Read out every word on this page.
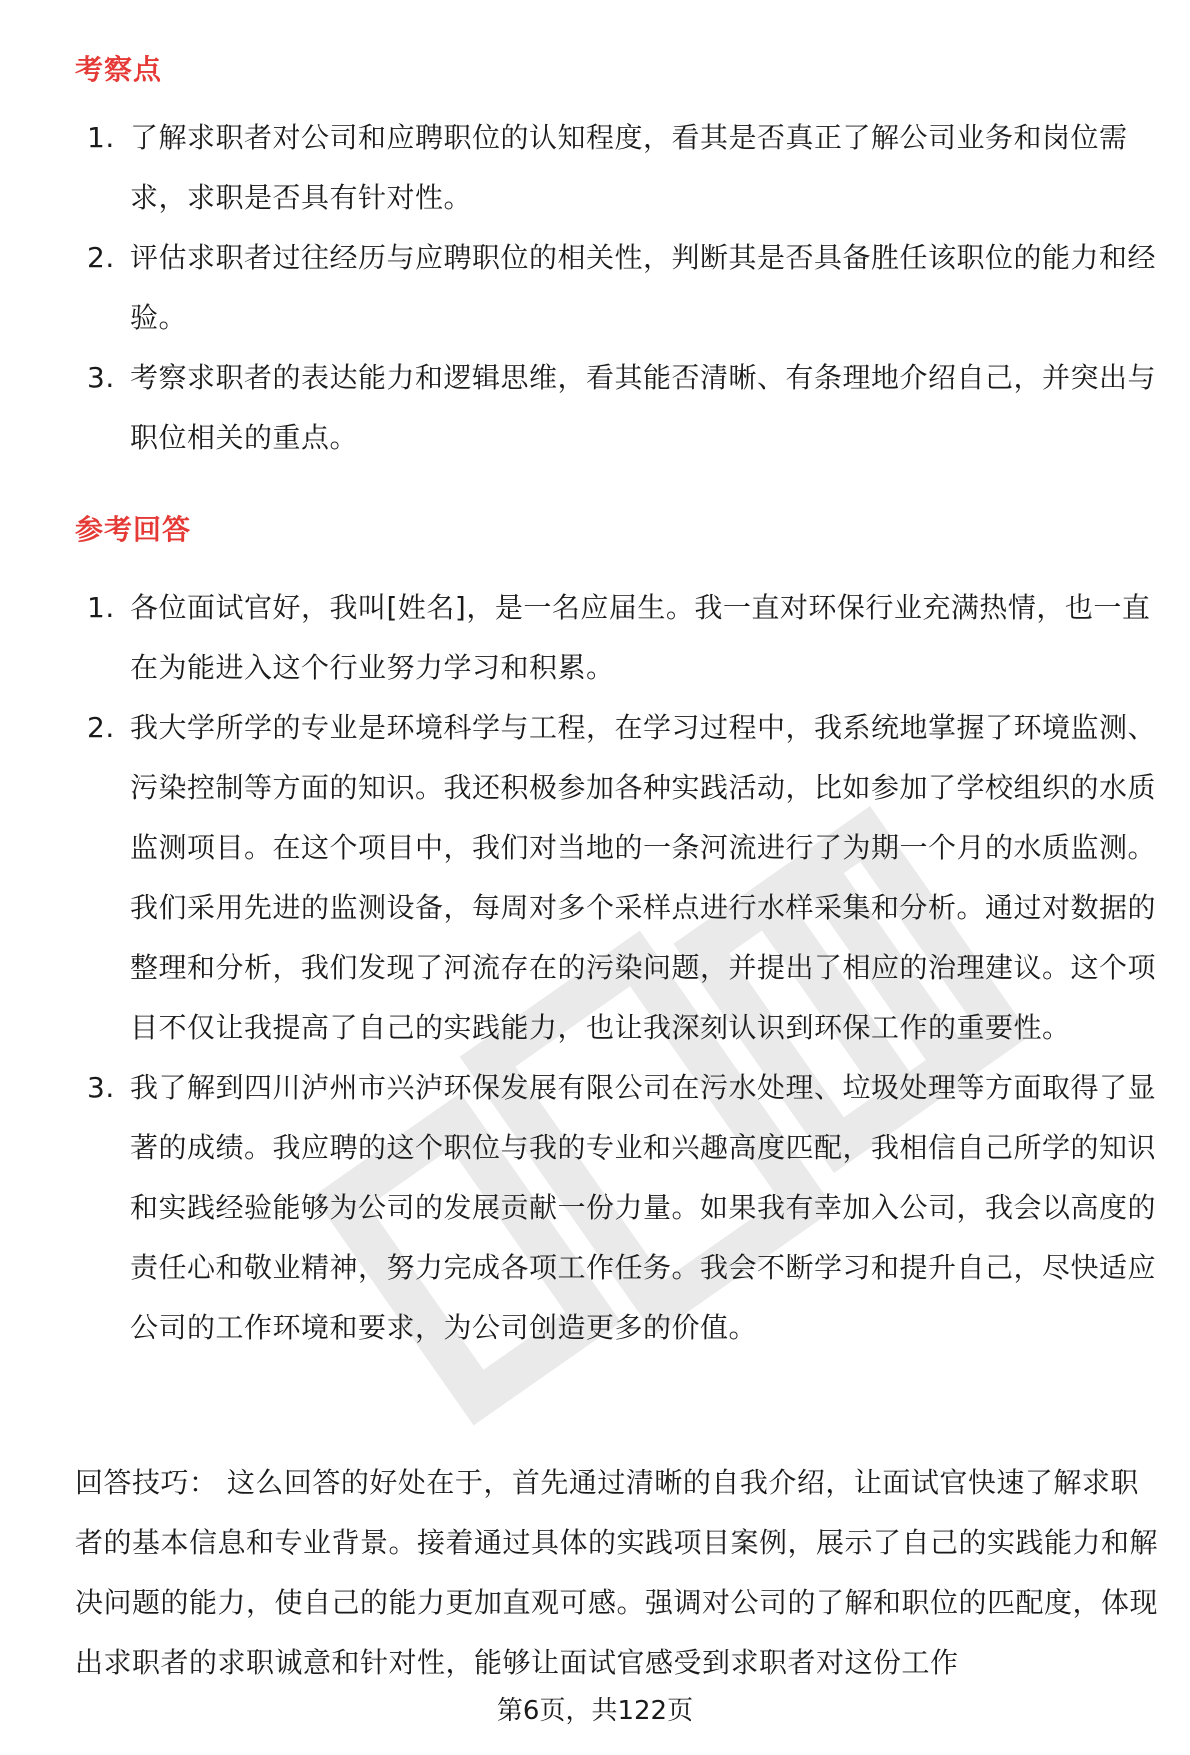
考察点
1. 了解求职者对公司和应聘职位的认知程度，看其是否真正了解公司业务和岗位需求，求职是否具有针对性。
2. 评估求职者过往经历与应聘职位的相关性，判断其是否具备胜任该职位的能力和经验。
3. 考察求职者的表达能力和逻辑思维，看其能否清晰、有条理地介绍自己，并突出与职位相关的重点。
参考回答
1. 各位面试官好，我叫[姓名]，是一名应届生。我一直对环保行业充满热情，也一直在为能进入这个行业努力学习和积累。
2. 我大学所学的专业是环境科学与工程，在学习过程中，我系统地掌握了环境监测、污染控制等方面的知识。我还积极参加各种实践活动，比如参加了学校组织的水质监测项目。在这个项目中，我们对当地的一条河流进行了为期一个月的水质监测。我们采用先进的监测设备，每周对多个采样点进行水样采集和分析。通过对数据的整理和分析，我们发现了河流存在的污染问题，并提出了相应的治理建议。这个项目不仅让我提高了自己的实践能力，也让我深刻认识到环保工作的重要性。
3. 我了解到四川泸州市兴泸环保发展有限公司在污水处理、垃圾处理等方面取得了显著的成绩。我应聘的这个职位与我的专业和兴趣高度匹配，我相信自己所学的知识和实践经验能够为公司的发展贡献一份力量。如果我有幸加入公司，我会以高度的责任心和敬业精神，努力完成各项工作任务。我会不断学习和提升自己，尽快适应公司的工作环境和要求，为公司创造更多的价值。

回答技巧： 这么回答的好处在于，首先通过清晰的自我介绍，让面试官快速了解求职者的基本信息和专业背景。接着通过具体的实践项目案例，展示了自己的实践能力和解决问题的能力，使自己的能力更加直观可感。强调对公司的了解和职位的匹配度，体现出求职者的求职诚意和针对性，能够让面试官感受到求职者对这份工作

第6页，共122页
